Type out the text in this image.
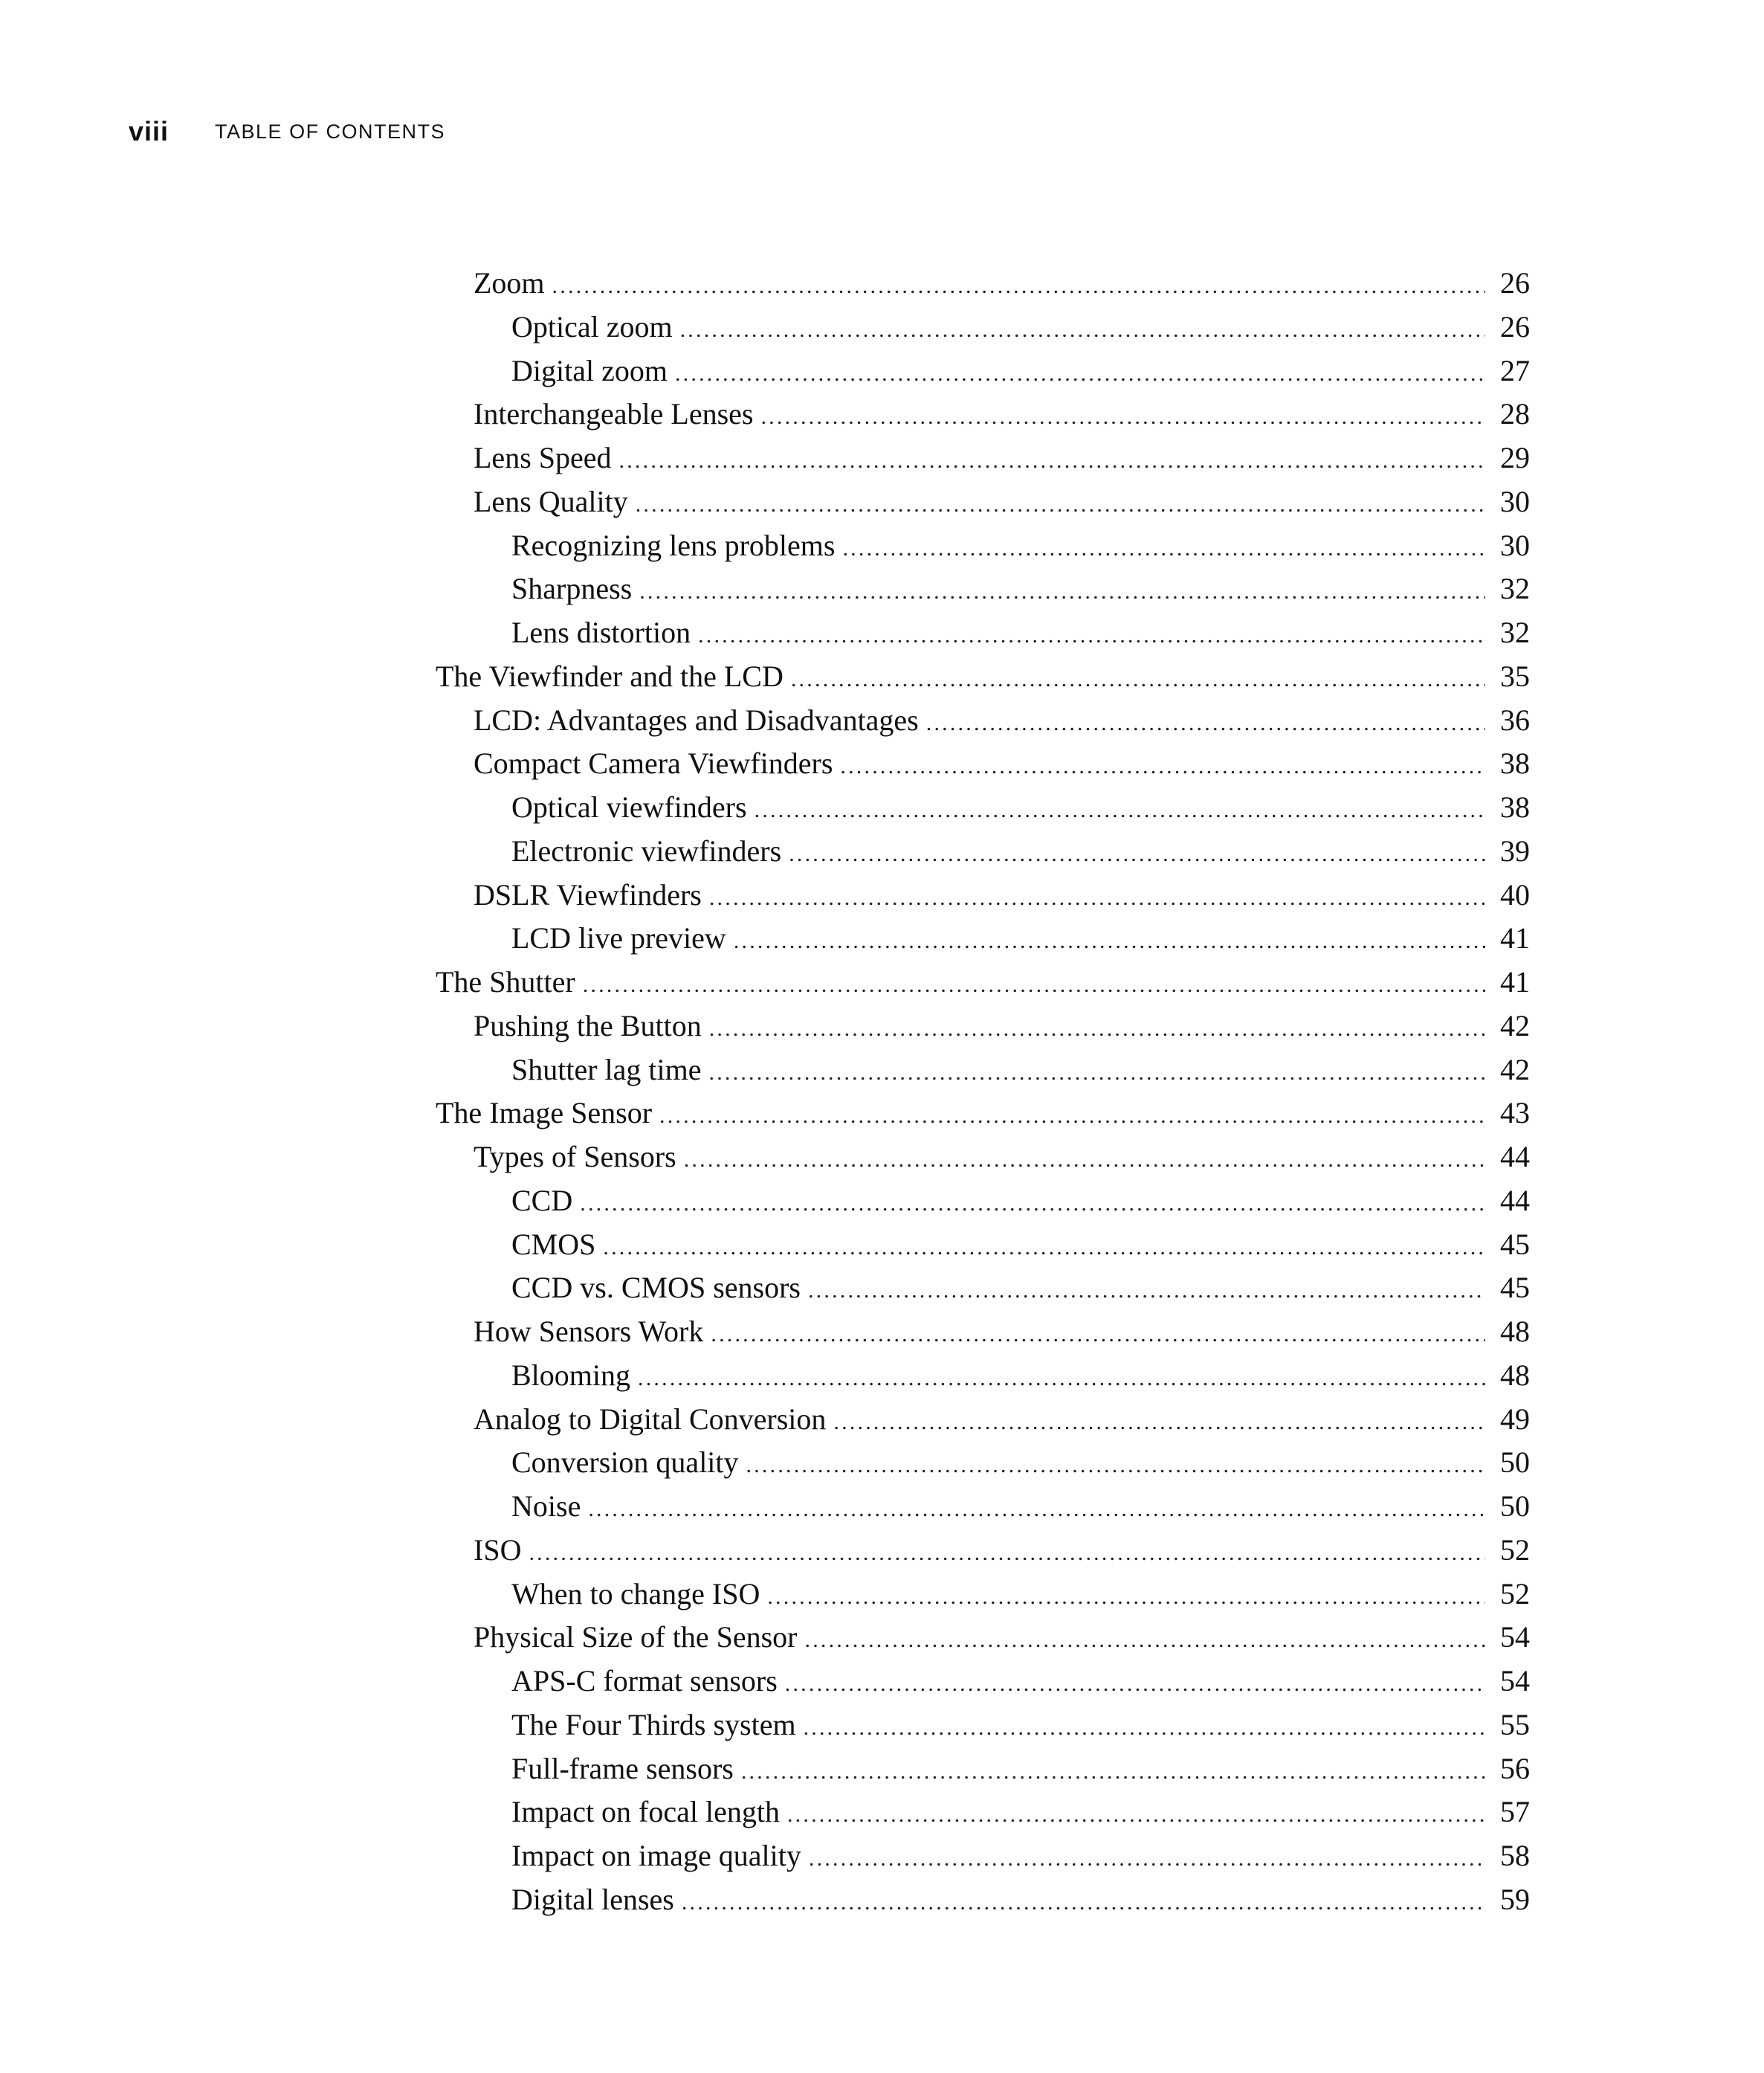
viii TABLE OF CONTENTS
Zoom .....	26
Optical zoom .....	26
Digital zoom .....	27
Interchangeable Lenses .....	28
Lens Speed .....	29
Lens Quality .....	30
Recognizing lens problems .....	30
Sharpness .....	32
Lens distortion .....	32
The Viewfinder and the LCD .....	35
LCD: Advantages and Disadvantages .....	36
Compact Camera Viewfinders .....	38
Optical viewfinders .....	38
Electronic viewfinders .....	39
DSLR Viewfinders .....	40
LCD live preview .....	41
The Shutter .....	41
Pushing the Button .....	42
Shutter lag time .....	42
The Image Sensor .....	43
Types of Sensors .....	44
CCD .....	44
CMOS .....	45
CCD vs. CMOS sensors .....	45
How Sensors Work .....	48
Blooming .....	48
Analog to Digital Conversion .....	49
Conversion quality .....	50
Noise .....	50
ISO .....	52
When to change ISO .....	52
Physical Size of the Sensor .....	54
APS-C format sensors .....	54
The Four Thirds system .....	55
Full-frame sensors .....	56
Impact on focal length .....	57
Impact on image quality .....	58
Digital lenses .....	59
